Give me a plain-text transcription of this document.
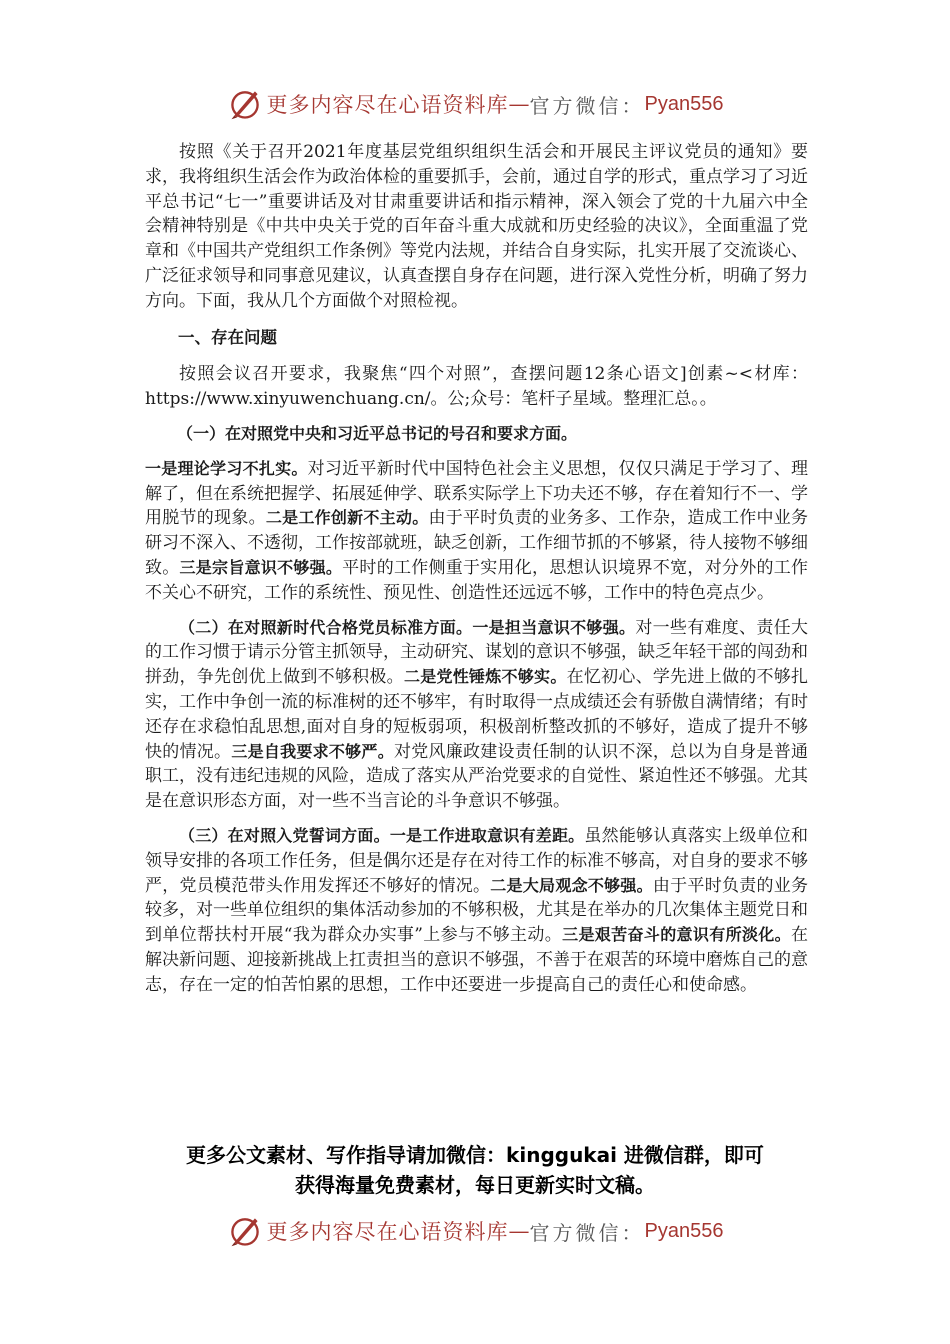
更多内容尽在心语资料库 — 官方微信： Pyan556

按照《关于召开2021年度基层党组织组织生活会和开展民主评议党员的通知》要求，我将组织生活会作为政治体检的重要抓手，会前，通过自学的形式，重点学习了习近平总书记“七一”重要讲话及对甘肃重要讲话和指示精神，深入领会了党的十九届六中全会精神特别是《中共中央关于党的百年奋斗重大成就和历史经验的决议》，全面重温了党章和《中国共产党组织工作条例》等党内法规，并结合自身实际，扎实开展了交流谈心、广泛征求领导和同事意见建议，认真查摆自身存在问题，进行深入党性分析，明确了努力方向。下面，我从几个方面做个对照检视。

一、存在问题

按照会议召开要求，我聚焦“四个对照”，查摆问题12条心语文]创素~<材库：https://www.xinyuwenchuang.cn/。公;众号：笔杆子星域。整理汇总。。

（一）在对照党中央和习近平总书记的号召和要求方面。

一是理论学习不扎实。对习近平新时代中国特色社会主义思想，仅仅只满足于学习了、理解了，但在系统把握学、拓展延伸学、联系实际学上下功夫还不够，存在着知行不一、学用脱节的现象。二是工作创新不主动。由于平时负责的业务多、工作杂，造成工作中业务研习不深入、不透彻，工作按部就班，缺乏创新，工作细节抓的不够紧，待人接物不够细致。三是宗旨意识不够强。平时的工作侧重于实用化，思想认识境界不宽，对分外的工作不关心不研究，工作的系统性、预见性、创造性还远远不够，工作中的特色亮点少。

（二）在对照新时代合格党员标准方面。一是担当意识不够强。对一些有难度、责任大的工作习惯于请示分管主抓领导，主动研究、谋划的意识不够强，缺乏年轻干部的闯劲和拼劲，争先创优上做到不够积极。二是党性锤炼不够实。在忆初心、学先进上做的不够扎实，工作中争创一流的标准树的还不够牢，有时取得一点成绩还会有骄傲自满情绪；有时还存在求稳怕乱思想,面对自身的短板弱项，积极剖析整改抓的不够好，造成了提升不够快的情况。三是自我要求不够严。对党风廉政建设责任制的认识不深，总以为自身是普通职工，没有违纪违规的风险，造成了落实从严治党要求的自觉性、紧迫性还不够强。尤其是在意识形态方面，对一些不当言论的斗争意识不够强。

（三）在对照入党誓词方面。一是工作进取意识有差距。虽然能够认真落实上级单位和领导安排的各项工作任务，但是偶尔还是存在对待工作的标准不够高，对自身的要求不够严，党员模范带头作用发挥还不够好的情况。二是大局观念不够强。由于平时负责的业务较多，对一些单位组织的集体活动参加的不够积极，尤其是在举办的几次集体主题党日和到单位帮扶村开展“我为群众办实事”上参与不够主动。三是艰苦奋斗的意识有所淡化。在解决新问题、迎接新挑战上扛责担当的意识不够强，不善于在艰苦的环境中磨炼自己的意志，存在一定的怕苦怕累的思想，工作中还要进一步提高自己的责任心和使命感。

更多公文素材、写作指导请加微信：kinggukai 进微信群，即可
获得海量免费素材，每日更新实时文稿。
更多内容尽在心语资料库 — 官方微信： Pyan556
